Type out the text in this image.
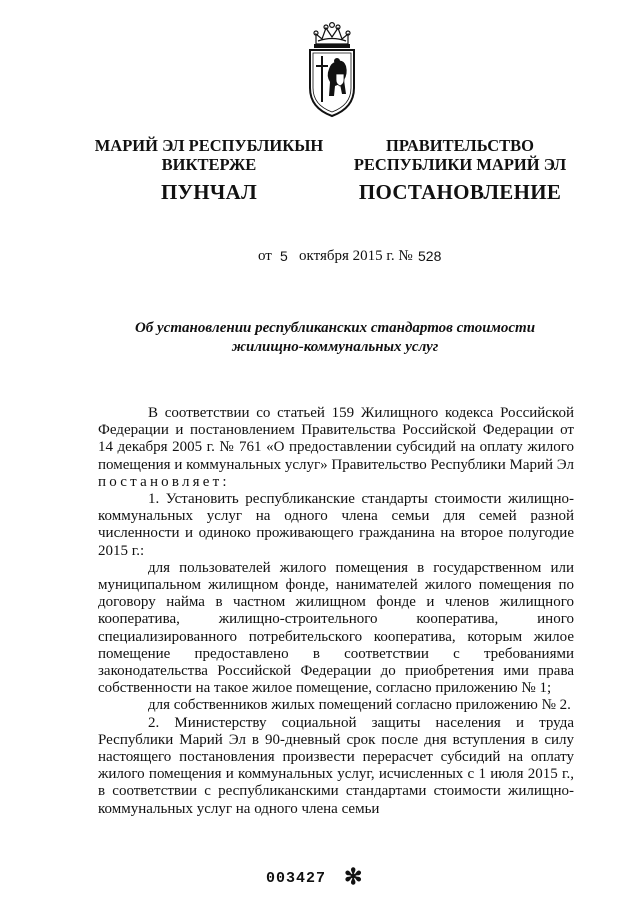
МАРИЙ ЭЛ РЕСПУБЛИКЫН
ВИКТЕРЖЕ
ПУНЧАЛ
ПРАВИТЕЛЬСТВО
РЕСПУБЛИКИ МАРИЙ ЭЛ
ПОСТАНОВЛЕНИЕ
от 5 октября 2015 г. № 528
Об установлении республиканских стандартов стоимости
жилищно-коммунальных услуг

В соответствии со статьей 159 Жилищного кодекса Российской Федерации и постановлением Правительства Российской Федерации от 14 декабря 2005 г. № 761 «О предоставлении субсидий на оплату жилого помещения и коммунальных услуг» Правительство Республики Марий Эл постановляет:

1. Установить республиканские стандарты стоимости жилищно-коммунальных услуг на одного члена семьи для семей разной численности и одиноко проживающего гражданина на второе полугодие 2015 г.:

для пользователей жилого помещения в государственном или муниципальном жилищном фонде, нанимателей жилого помещения по договору найма в частном жилищном фонде и членов жилищного кооператива, жилищно-строительного кооператива, иного специализированного потребительского кооператива, которым жилое помещение предоставлено в соответствии с требованиями законодательства Российской Федерации до приобретения ими права собственности на такое жилое помещение, согласно приложению № 1;

для собственников жилых помещений согласно приложению № 2.

2. Министерству социальной защиты населения и труда Республики Марий Эл в 90-дневный срок после дня вступления в силу настоящего постановления произвести перерасчет субсидий на оплату жилого помещения и коммунальных услуг, исчисленных с 1 июля 2015 г., в соответствии с республиканскими стандартами стоимости жилищно-коммунальных услуг на одного члена семьи

003427 ✻
